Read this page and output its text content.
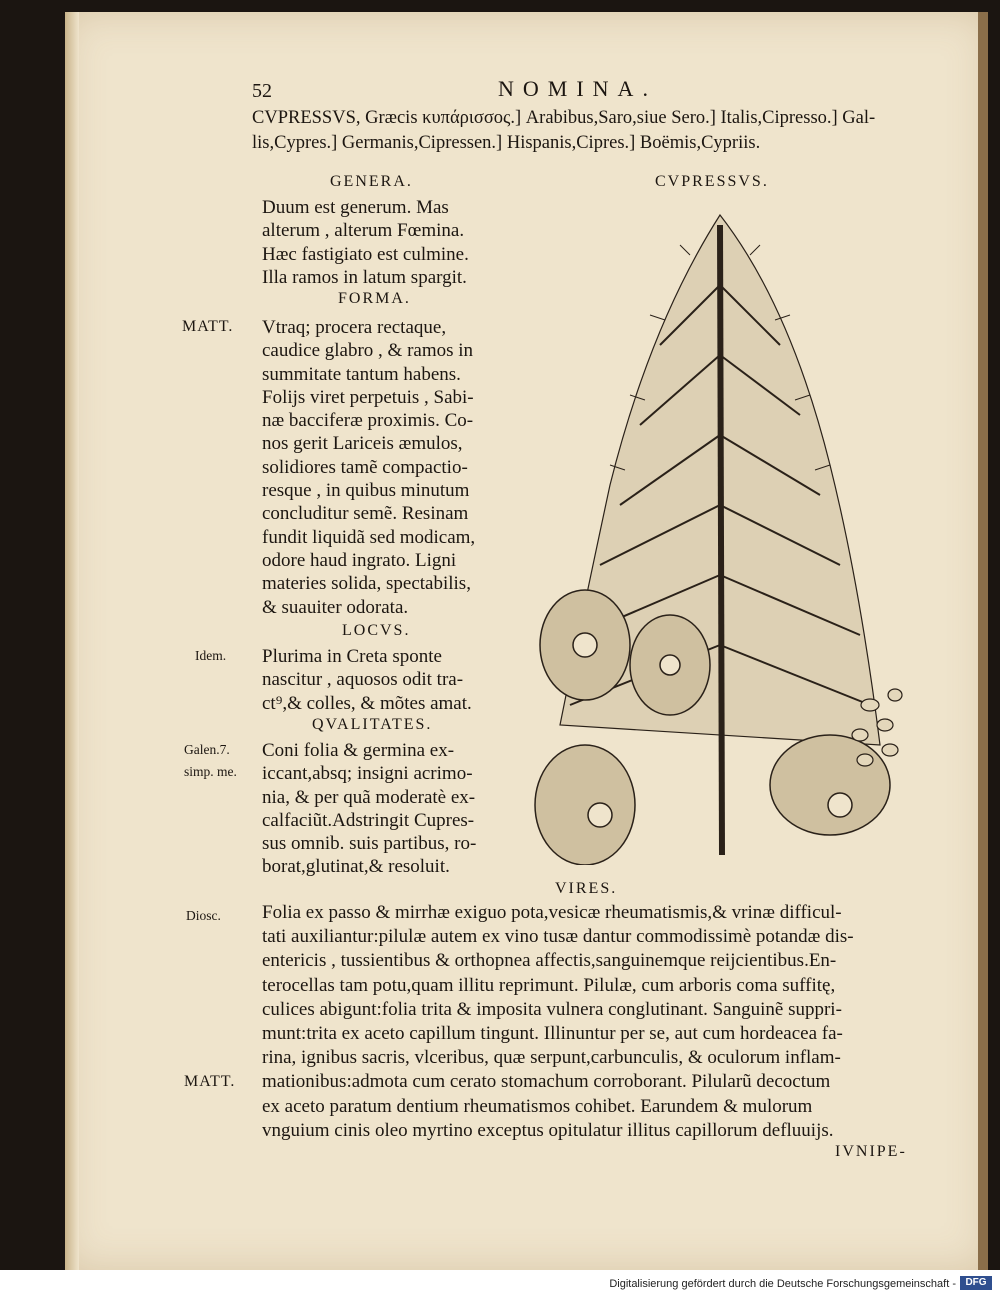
52	NOMINA.
CVPRESSVS, Græcis κυπάρισσος.] Arabibus,Saro,siue Sero.] Italis,Cipresso.] Gal-
lis,Cypres.] Germanis,Cipressen.] Hispanis,Cipres.] Boëmis,Cypriis.
GENERA.	CVPRESSVS.
Duum est generum. Mas
alterum , alterum Fœmina.
Hæc fastigiato est culmine.
Illa ramos in latum spargit.
FORMA.
MATT. Vtraq; procera rectaque,
caudice glabro , & ramos in
summitate tantum habens.
Folijs viret perpetuis , Sabi-
næ bacciferæ proximis. Co-
nos gerit Lariceis æmulos,
solidiores tamẽ compactio-
resque , in quibus minutum
concluditur semẽ. Resinam
fundit liquidã sed modicam,
odore haud ingrato. Ligni
materies solida, spectabilis,
& suauiter odorata.
LOCVS.
Idem. Plurima in Creta sponte
nascitur , aquosos odit tra-
ct⁹,& colles, & mõtes amat.
QVALITATES.
Galen.7.
simp. me.
Coni folia & germina ex-
iccant,absq; insigni acrimo-
nia, & per quã moderatè ex-
calfaciũt.Adstringit Cupres-
sus omnib. suis partibus, ro-
borat,glutinat,& resoluit.
VIRES.
Diosc.
MATT.
Folia ex passo & mirrhæ exiguo pota,vesicæ rheumatismis,& vrinæ difficul-
tati auxiliantur:pilulæ autem ex vino tusæ dantur commodissimè potandæ dis-
entericis , tussientibus & orthopnea affectis,sanguinemque reijcientibus.En-
terocellas tam potu,quam illitu reprimunt. Pilulæ, cum arboris coma suffitę,
culices abigunt:folia trita & imposita vulnera conglutinant. Sanguinẽ suppri-
munt:trita ex aceto capillum tingunt. Illinuntur per se, aut cum hordeacea fa-
rina, ignibus sacris, vlceribus, quæ serpunt,carbunculis, & oculorum inflam-
mationibus:admota cum cerato stomachum corroborant. Pilularũ decoctum
ex aceto paratum dentium rheumatismos cohibet. Earundem & mulorum
vnguium cinis oleo myrtino exceptus opitulatur illitus capillorum defluuijs.
IVNIPE-
Digitalisierung gefördert durch die Deutsche Forschungsgemeinschaft - DFG
